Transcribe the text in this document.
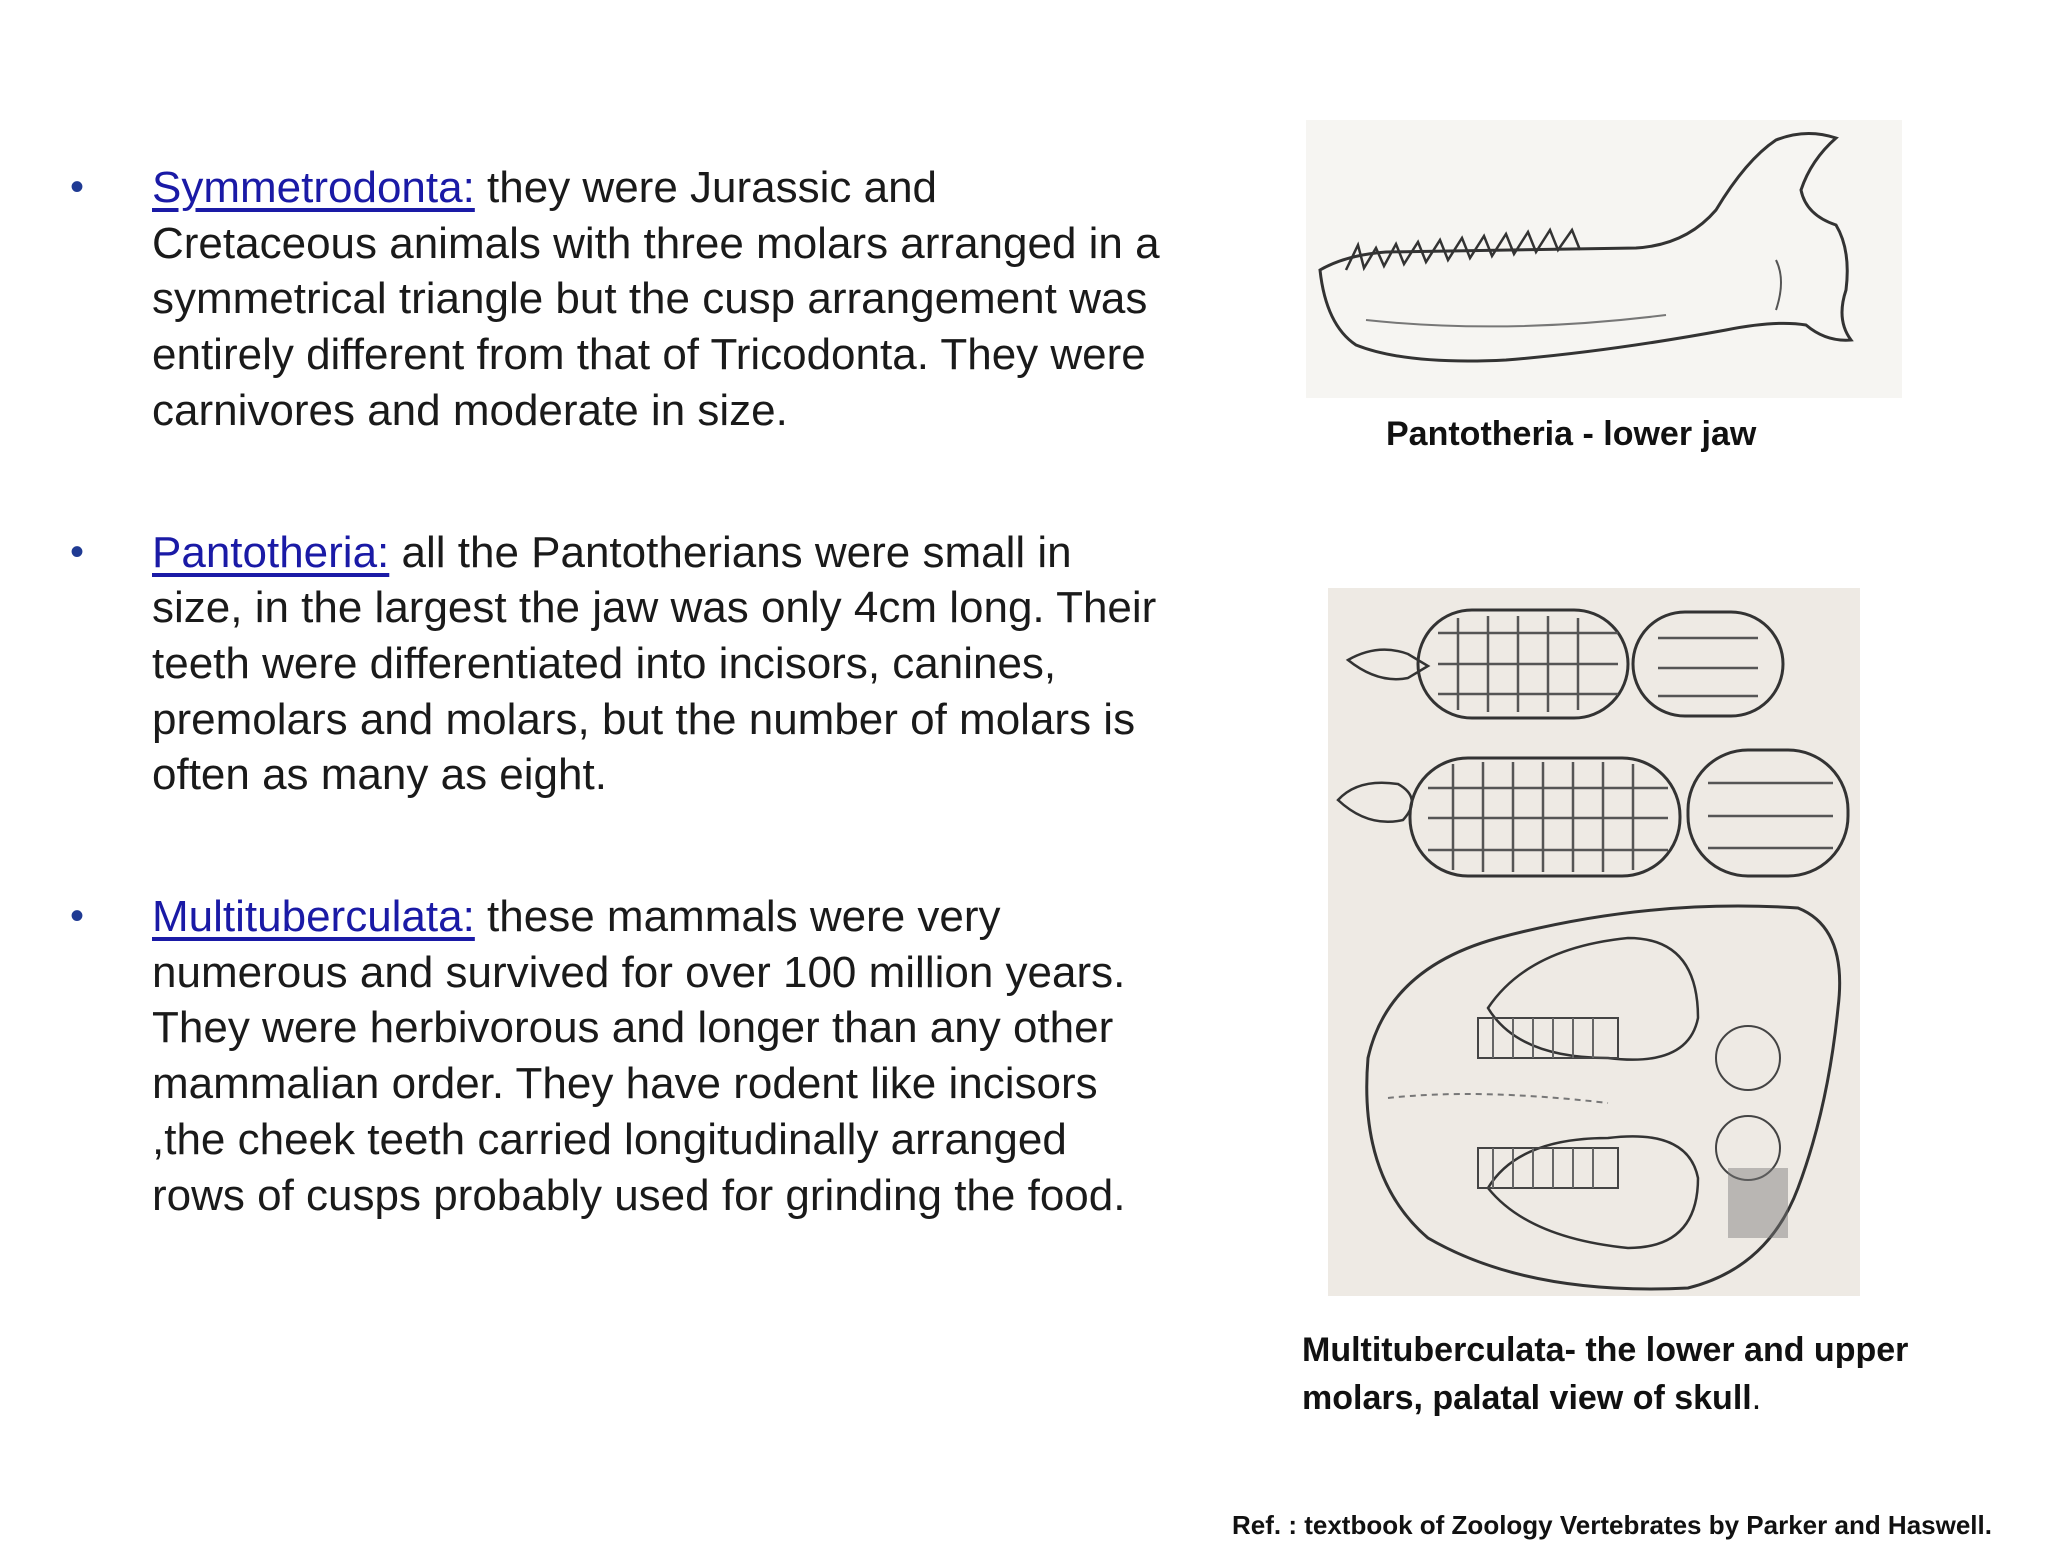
• Symmetrodonta: they were Jurassic and Cretaceous animals with three molars arranged in a symmetrical triangle but the cusp arrangement was entirely different from that of Tricodonta. They were carnivores and moderate in size.
• Pantotheria: all the Pantotherians were small in size, in the largest the jaw was only 4cm long. Their teeth were differentiated into incisors, canines, premolars and molars, but the number of molars is often as many as eight.
• Multituberculata: these mammals were very numerous and survived for over 100 million years. They were herbivorous and longer than any other mammalian order. They have rodent like incisors ,the cheek teeth carried longitudinally arranged rows of cusps probably used for grinding the food.
Pantotheria - lower jaw
Multituberculata- the lower and upper molars, palatal view of skull.
Ref. : textbook of Zoology Vertebrates by Parker and Haswell.
